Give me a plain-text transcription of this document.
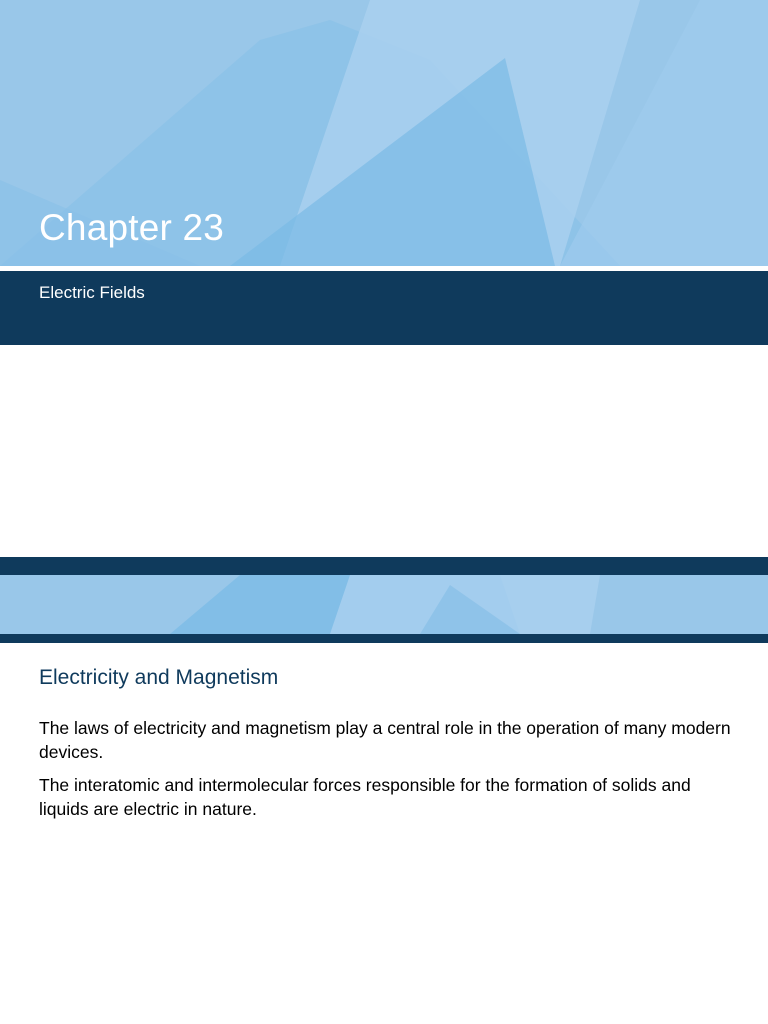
Chapter 23
Electric Fields
Electricity and Magnetism
The laws of electricity and magnetism play a central role in the operation of many modern devices.
The interatomic and intermolecular forces responsible for the formation of solids and liquids are electric in nature.
